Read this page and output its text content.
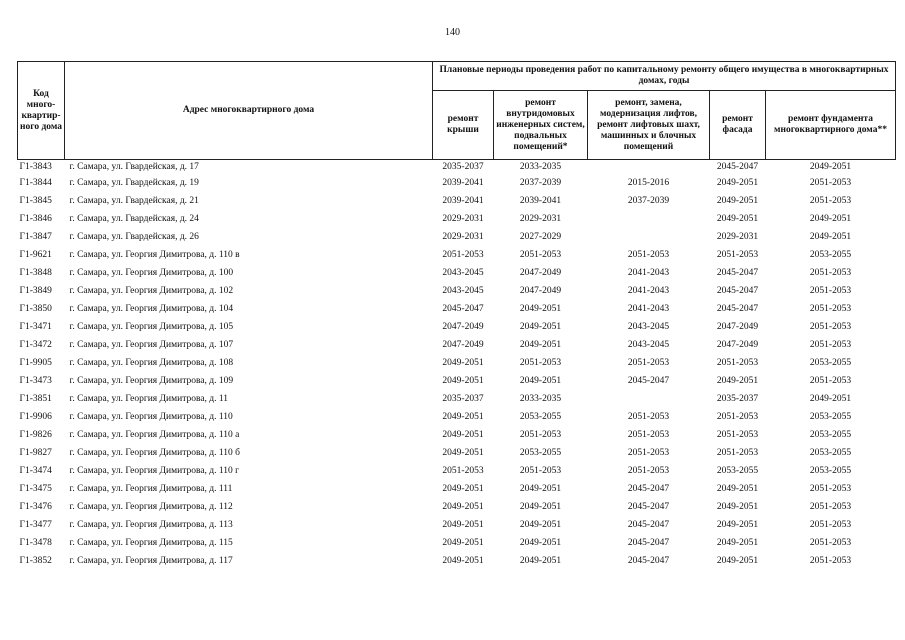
140
Код много-квартир-ного дома	Адрес многоквартирного дома	Плановые периоды проведения работ по капитальному ремонту общего имущества в многоквартирных домах, годы				
		ремонт крыши	ремонт внутридомовых инженерных систем, подвальных помещений*	ремонт, замена, модернизация лифтов, ремонт лифтовых шахт, машинных и блочных помещений	ремонт фасада	ремонт фундамента многоквартирного дома**
Г1-3843	г. Самара, ул. Гвардейская, д. 17	2035-2037	2033-2035		2045-2047	2049-2051
Г1-3844	г. Самара, ул. Гвардейская, д. 19	2039-2041	2037-2039	2015-2016	2049-2051	2051-2053
Г1-3845	г. Самара, ул. Гвардейская, д. 21	2039-2041	2039-2041	2037-2039	2049-2051	2051-2053
Г1-3846	г. Самара, ул. Гвардейская, д. 24	2029-2031	2029-2031		2049-2051	2049-2051
Г1-3847	г. Самара, ул. Гвардейская, д. 26	2029-2031	2027-2029		2029-2031	2049-2051
Г1-9621	г. Самара, ул. Георгия Димитрова, д. 110 в	2051-2053	2051-2053	2051-2053	2051-2053	2053-2055
Г1-3848	г. Самара, ул. Георгия Димитрова, д. 100	2043-2045	2047-2049	2041-2043	2045-2047	2051-2053
Г1-3849	г. Самара, ул. Георгия Димитрова, д. 102	2043-2045	2047-2049	2041-2043	2045-2047	2051-2053
Г1-3850	г. Самара, ул. Георгия Димитрова, д. 104	2045-2047	2049-2051	2041-2043	2045-2047	2051-2053
Г1-3471	г. Самара, ул. Георгия Димитрова, д. 105	2047-2049	2049-2051	2043-2045	2047-2049	2051-2053
Г1-3472	г. Самара, ул. Георгия Димитрова, д. 107	2047-2049	2049-2051	2043-2045	2047-2049	2051-2053
Г1-9905	г. Самара, ул. Георгия Димитрова, д. 108	2049-2051	2051-2053	2051-2053	2051-2053	2053-2055
Г1-3473	г. Самара, ул. Георгия Димитрова, д. 109	2049-2051	2049-2051	2045-2047	2049-2051	2051-2053
Г1-3851	г. Самара, ул. Георгия Димитрова, д. 11	2035-2037	2033-2035		2035-2037	2049-2051
Г1-9906	г. Самара, ул. Георгия Димитрова, д. 110	2049-2051	2053-2055	2051-2053	2051-2053	2053-2055
Г1-9826	г. Самара, ул. Георгия Димитрова, д. 110 а	2049-2051	2051-2053	2051-2053	2051-2053	2053-2055
Г1-9827	г. Самара, ул. Георгия Димитрова, д. 110 б	2049-2051	2053-2055	2051-2053	2051-2053	2053-2055
Г1-3474	г. Самара, ул. Георгия Димитрова, д. 110 г	2051-2053	2051-2053	2051-2053	2053-2055	2053-2055
Г1-3475	г. Самара, ул. Георгия Димитрова, д. 111	2049-2051	2049-2051	2045-2047	2049-2051	2051-2053
Г1-3476	г. Самара, ул. Георгия Димитрова, д. 112	2049-2051	2049-2051	2045-2047	2049-2051	2051-2053
Г1-3477	г. Самара, ул. Георгия Димитрова, д. 113	2049-2051	2049-2051	2045-2047	2049-2051	2051-2053
Г1-3478	г. Самара, ул. Георгия Димитрова, д. 115	2049-2051	2049-2051	2045-2047	2049-2051	2051-2053
Г1-3852	г. Самара, ул. Георгия Димитрова, д. 117	2049-2051	2049-2051	2045-2047	2049-2051	2051-2053
